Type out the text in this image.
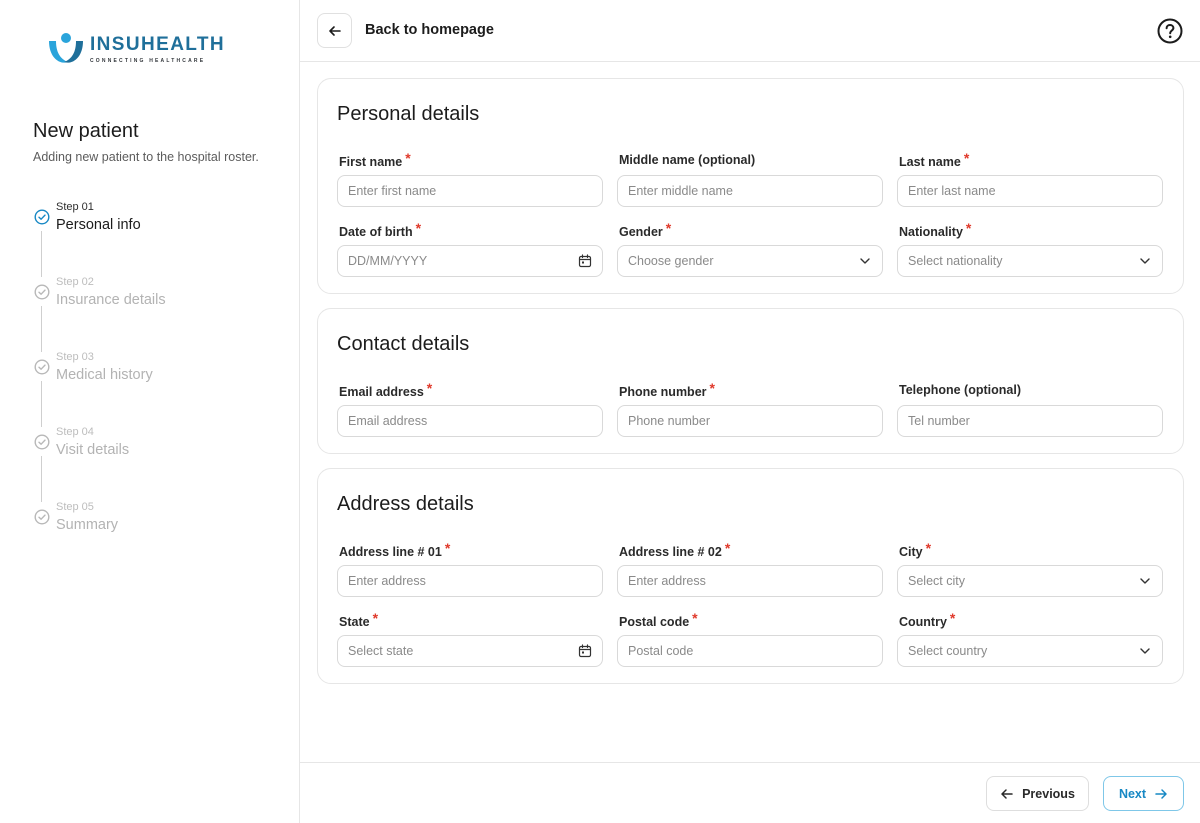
INSUHEALTH
CONNECTING HEALTHCARE
New patient
Adding new patient to the hospital roster.
Step 01
Personal info
Step 02
Insurance details
Step 03
Medical history
Step 04
Visit details
Step 05
Summary
Back to homepage
Personal details
First name *
Enter first name
Middle name (optional)
Enter middle name
Last name *
Enter last name
Date of birth *
DD/MM/YYYY
Gender *
Choose gender
Nationality *
Select nationality
Contact details
Email address *
Email address
Phone number *
Phone number
Telephone (optional)
Tel number
Address details
Address line # 01 *
Enter address
Address line # 02 *
Enter address
City *
Select city
State *
Select state
Postal code *
Postal code
Country *
Select country
Previous	Next
